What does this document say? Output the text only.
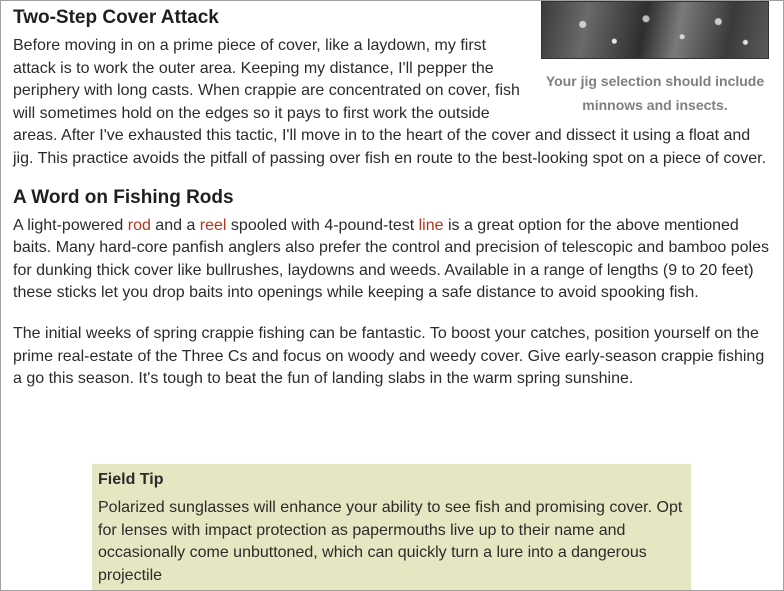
Your jig selection should include minnows and insects.
Two-Step Cover Attack

Before moving in on a prime piece of cover, like a laydown, my first attack is to work the outer area. Keeping my distance, I'll pepper the periphery with long casts. When crappie are concentrated on cover, fish will sometimes hold on the edges so it pays to first work the outside areas. After I've exhausted this tactic, I'll move in to the heart of the cover and dissect it using a float and jig. This practice avoids the pitfall of passing over fish en route to the best-looking spot on a piece of cover.

A Word on Fishing Rods

A light-powered rod and a reel spooled with 4-pound-test line is a great option for the above mentioned baits. Many hard-core panfish anglers also prefer the control and precision of telescopic and bamboo poles for dunking thick cover like bullrushes, laydowns and weeds. Available in a range of lengths (9 to 20 feet) these sticks let you drop baits into openings while keeping a safe distance to avoid spooking fish.

The initial weeks of spring crappie fishing can be fantastic. To boost your catches, position yourself on the prime real-estate of the Three Cs and focus on woody and weedy cover. Give early-season crappie fishing a go this season. It's tough to beat the fun of landing slabs in the warm spring sunshine.

Field Tip
Polarized sunglasses will enhance your ability to see fish and promising cover. Opt for lenses with impact protection as papermouths live up to their name and occasionally come unbuttoned, which can quickly turn a lure into a dangerous projectile
